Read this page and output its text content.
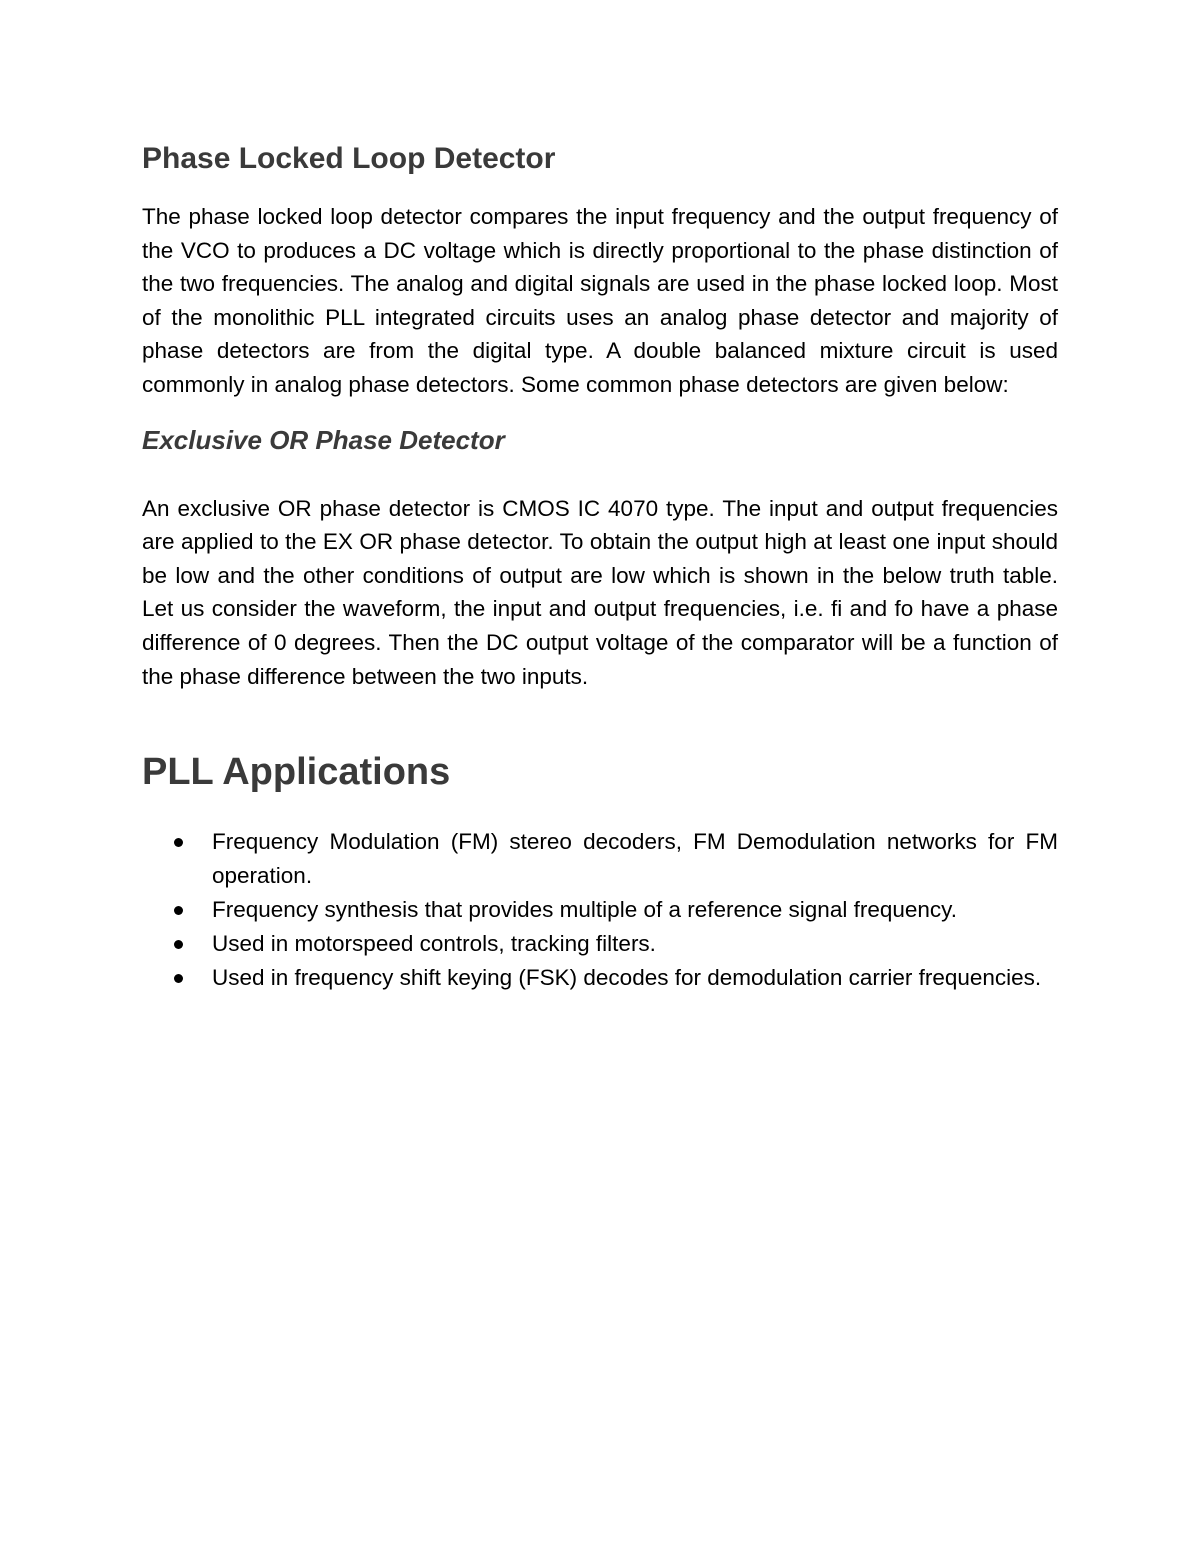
Phase Locked Loop Detector

The phase locked loop detector compares the input frequency and the output frequency of the VCO to produces a DC voltage which is directly proportional to the phase distinction of the two frequencies. The analog and digital signals are used in the phase locked loop. Most of the monolithic PLL integrated circuits uses an analog phase detector and majority of phase detectors are from the digital type. A double balanced mixture circuit is used commonly in analog phase detectors. Some common phase detectors are given below:

Exclusive OR Phase Detector

An exclusive OR phase detector is CMOS IC 4070 type. The input and output frequencies are applied to the EX OR phase detector. To obtain the output high at least one input should be low and the other conditions of output are low which is shown in the below truth table. Let us consider the waveform, the input and output frequencies, i.e. fi and fo have a phase difference of 0 degrees. Then the DC output voltage of the comparator will be a function of the phase difference between the two inputs.

PLL Applications
Frequency Modulation (FM) stereo decoders, FM Demodulation networks for FM operation.
Frequency synthesis that provides multiple of a reference signal frequency.
Used in motorspeed controls, tracking filters.
Used in frequency shift keying (FSK) decodes for demodulation carrier frequencies.
